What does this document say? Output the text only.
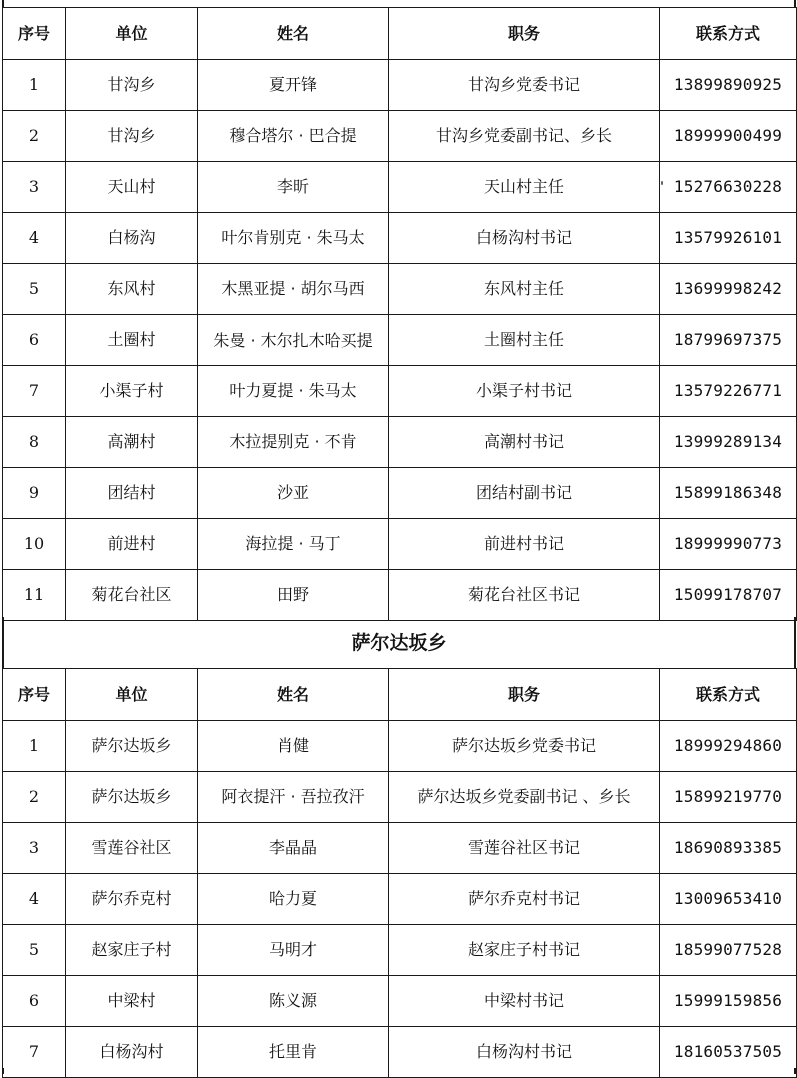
序号	单位	姓名	职务	联系方式
1	甘沟乡	夏开锋	甘沟乡党委书记	13899890925
2	甘沟乡	穆合塔尔 · 巴合提	甘沟乡党委副书记、乡长	18999900499
3	天山村	李昕	天山村主任	15276630228
4	白杨沟	叶尔肯别克 · 朱马太	白杨沟村书记	13579926101
5	东风村	木黑亚提 · 胡尔马西	东风村主任	13699998242
6	土圈村	朱曼 · 木尔扎木哈买提	土圈村主任	18799697375
7	小渠子村	叶力夏提 · 朱马太	小渠子村书记	13579226771
8	高潮村	木拉提别克 · 不肯	高潮村书记	13999289134
9	团结村	沙亚	团结村副书记	15899186348
10	前进村	海拉提 · 马丁	前进村书记	18999990773
11	菊花台社区	田野	菊花台社区书记	15099178707
萨尔达坂乡
序号	单位	姓名	职务	联系方式
1	萨尔达坂乡	肖健	萨尔达坂乡党委书记	18999294860
2	萨尔达坂乡	阿衣提汗 · 吾拉孜汗	萨尔达坂乡党委副书记 、乡长	15899219770
3	雪莲谷社区	李晶晶	雪莲谷社区书记	18690893385
4	萨尔乔克村	哈力夏	萨尔乔克村书记	13009653410
5	赵家庄子村	马明才	赵家庄子村书记	18599077528
6	中梁村	陈义源	中梁村书记	15999159856
7	白杨沟村	托里肯	白杨沟村书记	18160537505
